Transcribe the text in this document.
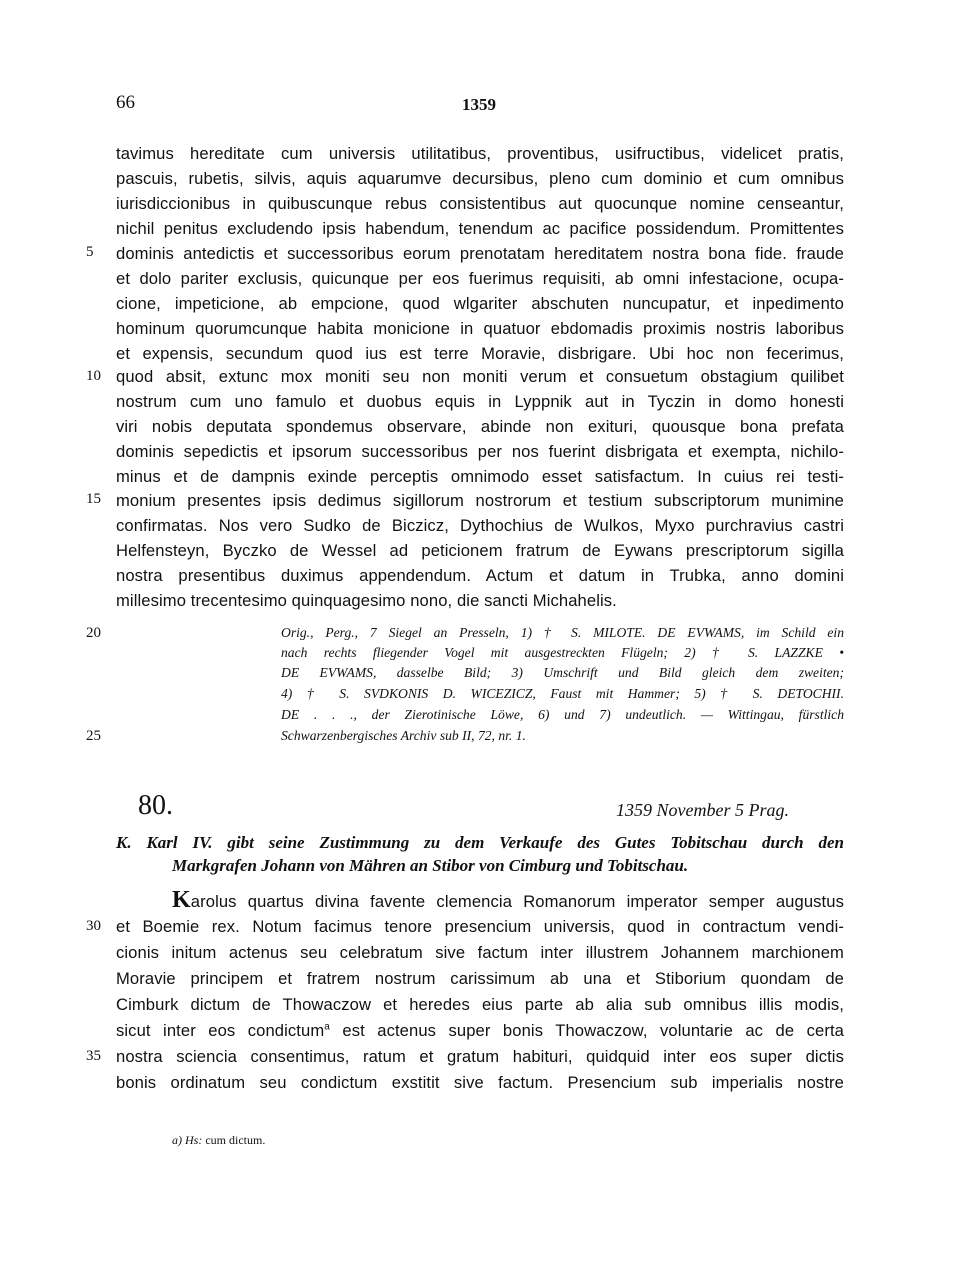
66	1359
tavimus hereditate cum universis utilitatibus, proventibus, usifructibus, videlicet pratis,
pascuis, rubetis, silvis, aquis aquarumve decursibus, pleno cum dominio et cum omnibus
iurisdiccionibus in quibuscunque rebus consistentibus aut quocunque nomine censeantur,
nichil penitus excludendo ipsis habendum, tenendum ac pacifice possidendum. Promittentes
5 dominis antedictis et successoribus eorum prenotatam hereditatem nostra bona fide. fraude
et dolo pariter exclusis, quicunque per eos fuerimus requisiti, ab omni infestacione, ocupa-
cione, impeticione, ab empcione, quod wlgariter abschuten nuncupatur, et inpedimento
hominum quorumcunque habita monicione in quatuor ebdomadis proximis nostris laboribus
et expensis, secundum quod ius est terre Moravie, disbrigare. Ubi hoc non fecerimus,
10 quod absit, extunc mox moniti seu non moniti verum et consuetum obstagium quilibet
nostrum cum uno famulo et duobus equis in Lyppnik aut in Tyczin in domo honesti
viri nobis deputata spondemus observare, abinde non exituri, quousque bona prefata
dominis sepedictis et ipsorum successoribus per nos fuerint disbrigata et exempta, nichilo-
minus et de dampnis exinde perceptis omnimodo esset satisfactum. In cuius rei testi-
15 monium presentes ipsis dedimus sigillorum nostrorum et testium subscriptorum munimine
confirmatas. Nos vero Sudko de Biczicz, Dythochius de Wulkos, Myxo purchravius castri
Helfensteyn, Byczko de Wessel ad peticionem fratrum de Eywans prescriptorum sigilla
nostra presentibus duximus appendendum. Actum et datum in Trubka, anno domini
millesimo trecentesimo quinquagesimo nono, die sancti Michahelis.
20	Orig., Perg., 7 Siegel an Presseln, 1) † S. MILOTE. DE EVWAMS, im Schild ein
nach rechts fliegender Vogel mit ausgestreckten Flügeln; 2) † S. LAZZKE •
DE EVWAMS, dasselbe Bild; 3) Umschrift und Bild gleich dem zweiten;
4) † S. SVDKONIS D. WICEZICZ, Faust mit Hammer; 5) † S. DETOCHII.
DE . . ., der Zierotinische Löwe, 6) und 7) undeutlich. — Wittingau, fürstlich
25	Schwarzenbergisches Archiv sub II, 72, nr. 1.
80.	1359 November 5 Prag.
K. Karl IV. gibt seine Zustimmung zu dem Verkaufe des Gutes Tobitschau durch den
Markgrafen Johann von Mähren an Stibor von Cimburg und Tobitschau.
Karolus quartus divina favente clemencia Romanorum imperator semper augustus
30 et Boemie rex. Notum facimus tenore presencium universis, quod in contractum vendi-
cionis initum actenus seu celebratum sive factum inter illustrem Johannem marchionem
Moravie principem et fratrem nostrum carissimum ab una et Stiborium quondam de
Cimburk dictum de Thowaczow et heredes eius parte ab alia sub omnibus illis modis,
sicut inter eos condictum$^a$ est actenus super bonis Thowaczow, voluntarie ac de certa
35 nostra sciencia consentimus, ratum et gratum habituri, quidquid inter eos super dictis
bonis ordinatum seu condictum exstitit sive factum. Presencium sub imperialis nostre
a) Hs: cum dictum.
